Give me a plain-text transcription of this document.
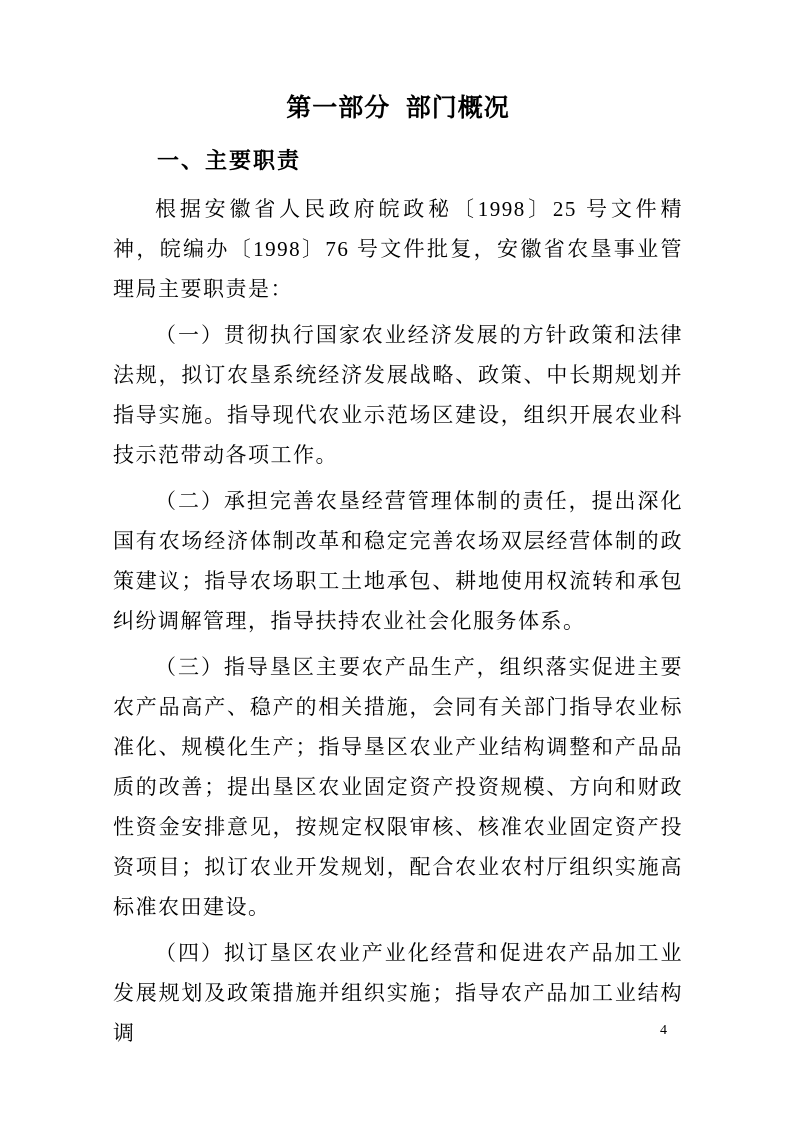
第一部分 部门概况
一、主要职责

根据安徽省人民政府皖政秘〔1998〕25 号文件精神，皖编办〔1998〕76 号文件批复，安徽省农垦事业管理局主要职责是：

（一）贯彻执行国家农业经济发展的方针政策和法律法规，拟订农垦系统经济发展战略、政策、中长期规划并指导实施。指导现代农业示范场区建设，组织开展农业科技示范带动各项工作。

（二）承担完善农垦经营管理体制的责任，提出深化国有农场经济体制改革和稳定完善农场双层经营体制的政策建议；指导农场职工土地承包、耕地使用权流转和承包纠纷调解管理，指导扶持农业社会化服务体系。

（三）指导垦区主要农产品生产，组织落实促进主要农产品高产、稳产的相关措施，会同有关部门指导农业标准化、规模化生产；指导垦区农业产业结构调整和产品品质的改善；提出垦区农业固定资产投资规模、方向和财政性资金安排意见，按规定权限审核、核准农业固定资产投资项目；拟订农业开发规划，配合农业农村厅组织实施高标准农田建设。

（四）拟订垦区农业产业化经营和促进农产品加工业发展规划及政策措施并组织实施；指导农产品加工业结构调	4
